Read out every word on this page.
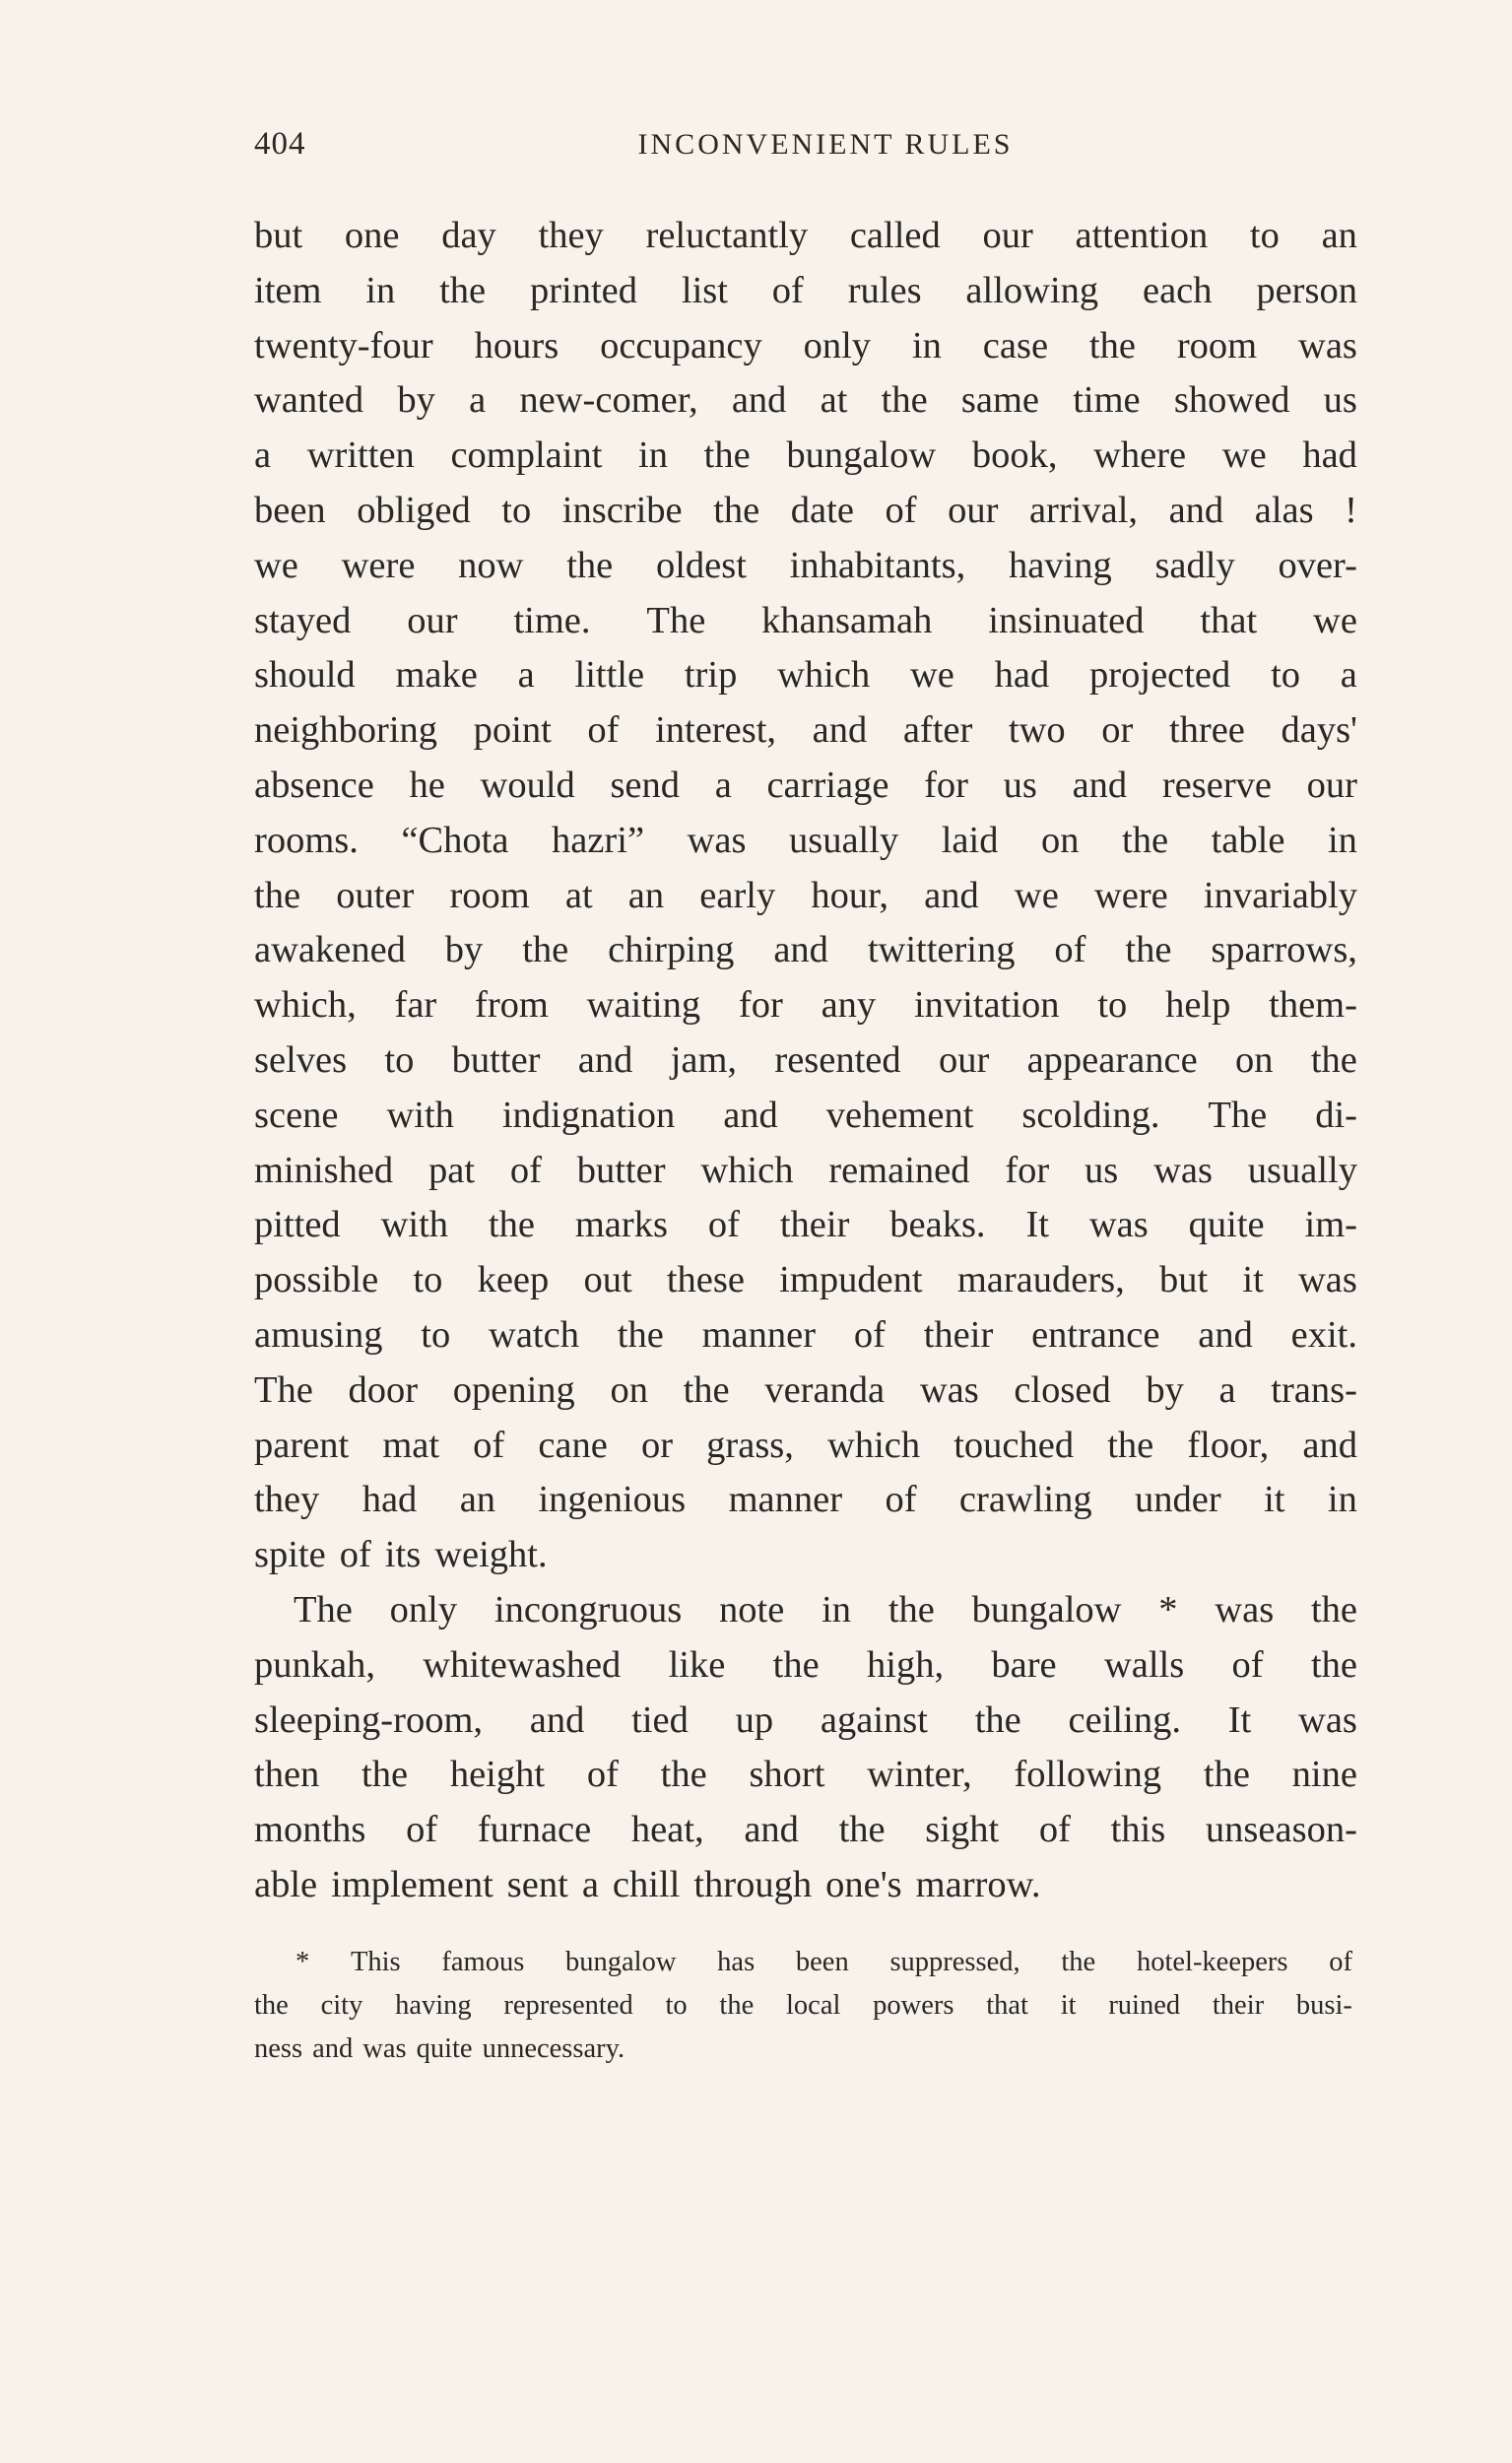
404	INCONVENIENT RULES
but one day they reluctantly called our attention to an
item in the printed list of rules allowing each person
twenty-four hours occupancy only in case the room was
wanted by a new-comer, and at the same time showed us
a written complaint in the bungalow book, where we had
been obliged to inscribe the date of our arrival, and alas !
we were now the oldest inhabitants, having sadly over-
stayed our time. The khansamah insinuated that we
should make a little trip which we had projected to a
neighboring point of interest, and after two or three days'
absence he would send a carriage for us and reserve our
rooms. “Chota hazri” was usually laid on the table in
the outer room at an early hour, and we were invariably
awakened by the chirping and twittering of the sparrows,
which, far from waiting for any invitation to help them-
selves to butter and jam, resented our appearance on the
scene with indignation and vehement scolding. The di-
minished pat of butter which remained for us was usually
pitted with the marks of their beaks. It was quite im-
possible to keep out these impudent marauders, but it was
amusing to watch the manner of their entrance and exit.
The door opening on the veranda was closed by a trans-
parent mat of cane or grass, which touched the floor, and
they had an ingenious manner of crawling under it in
spite of its weight.
The only incongruous note in the bungalow * was the
punkah, whitewashed like the high, bare walls of the
sleeping-room, and tied up against the ceiling. It was
then the height of the short winter, following the nine
months of furnace heat, and the sight of this unseason-
able implement sent a chill through one's marrow.
* This famous bungalow has been suppressed, the hotel-keepers of
the city having represented to the local powers that it ruined their busi-
ness and was quite unnecessary.
